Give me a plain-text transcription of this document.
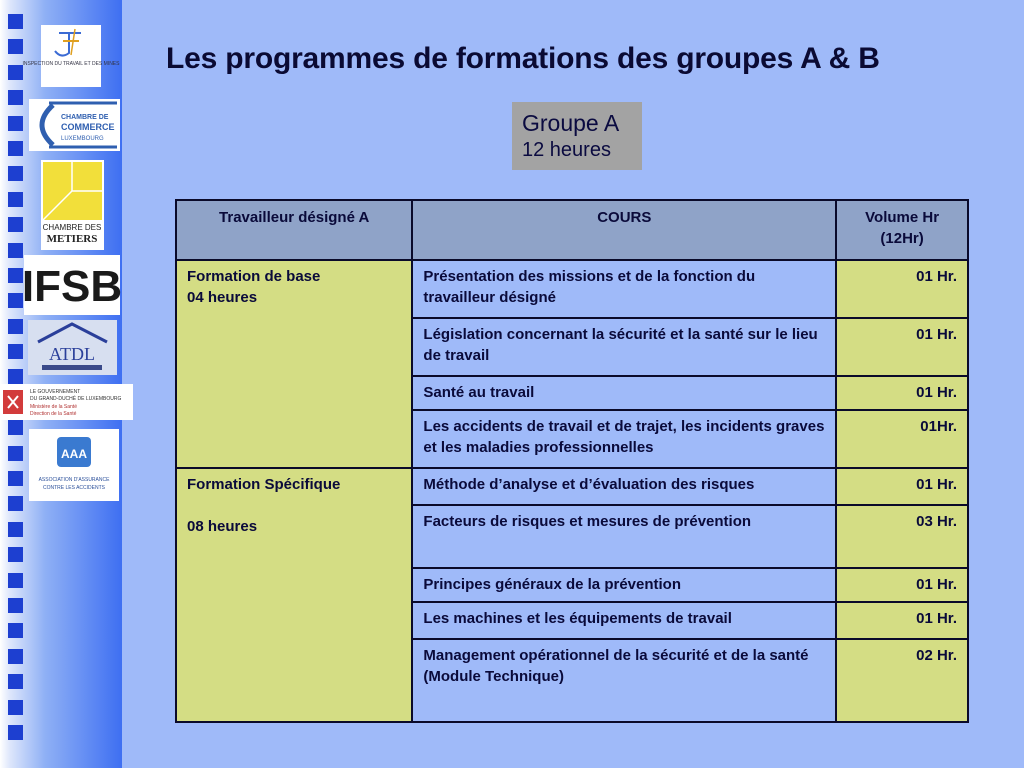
INSPECTION DU TRAVAIL ET DES MINES
CHAMBRE DE
COMMERCE
LUXEMBOURG
CHAMBRE DES
METIERS
IFSB
ATDL
LE GOUVERNEMENT
DU GRAND-DUCHÉ DE LUXEMBOURG
Ministère de la Santé
Direction de la Santé
AAA
ASSOCIATION D'ASSURANCE
CONTRE LES ACCIDENTS
Les programmes de formations des groupes A & B
Groupe A
12 heures
Travailleur désigné A	COURS	Volume Hr
(12Hr)
Formation de base
04 heures	Présentation des missions et de la fonction du travailleur désigné	01 Hr.
	Législation concernant la sécurité et la santé sur le lieu de travail	01 Hr.
	Santé au travail	01 Hr.
	Les accidents de travail et de trajet, les incidents graves et les maladies professionnelles	01Hr.
Formation Spécifique

08 heures	Méthode d’analyse et d’évaluation des risques	01 Hr.
	Facteurs de risques et mesures de prévention	03 Hr.
	Principes généraux de la prévention	01 Hr.
	Les machines et les équipements de travail	01 Hr.
	Management opérationnel de la sécurité et de la santé (Module Technique)	02 Hr.
